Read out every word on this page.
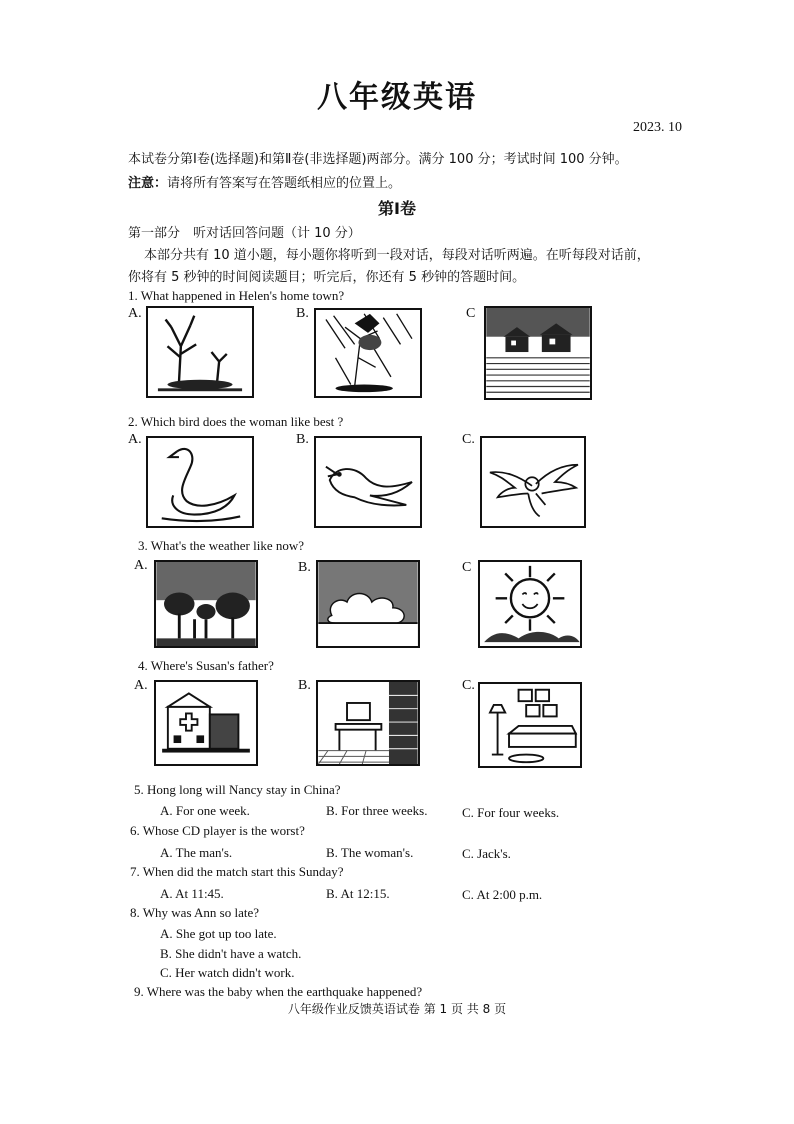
八年级英语
2023. 10
本试卷分第Ⅰ卷(选择题)和第Ⅱ卷(非选择题)两部分。满分 100 分；考试时间 100 分钟。
注意：请将所有答案写在答题纸相应的位置上。
第Ⅰ卷
第一部分　听对话回答问题（计 10 分）
本部分共有 10 道小题，每小题你将听到一段对话，每段对话听两遍。在听每段对话前，
你将有 5 秒钟的时间阅读题目；听完后，你还有 5 秒钟的答题时间。
1. What happened in Helen's home town?
A.	B.	C
2. Which bird does the woman like best ?
A.	B.	C.
3. What's the weather like now?
A.	B.	C
4. Where's Susan's father?
A.	B.	C.
5. Hong long will Nancy stay in China?
A. For one week.	B. For three weeks.	C. For four weeks.
6. Whose CD player is the worst?
A. The man's.	B. The woman's.	C. Jack's.
7. When did the match start this Sunday?
A. At 11:45.	B. At 12:15.	C. At 2:00 p.m.
8. Why was Ann so late?
A. She got up too late.
B. She didn't have a watch.
C. Her watch didn't work.
9. Where was the baby when the earthquake happened?
八年级作业反馈英语试卷 第 1 页 共 8 页
